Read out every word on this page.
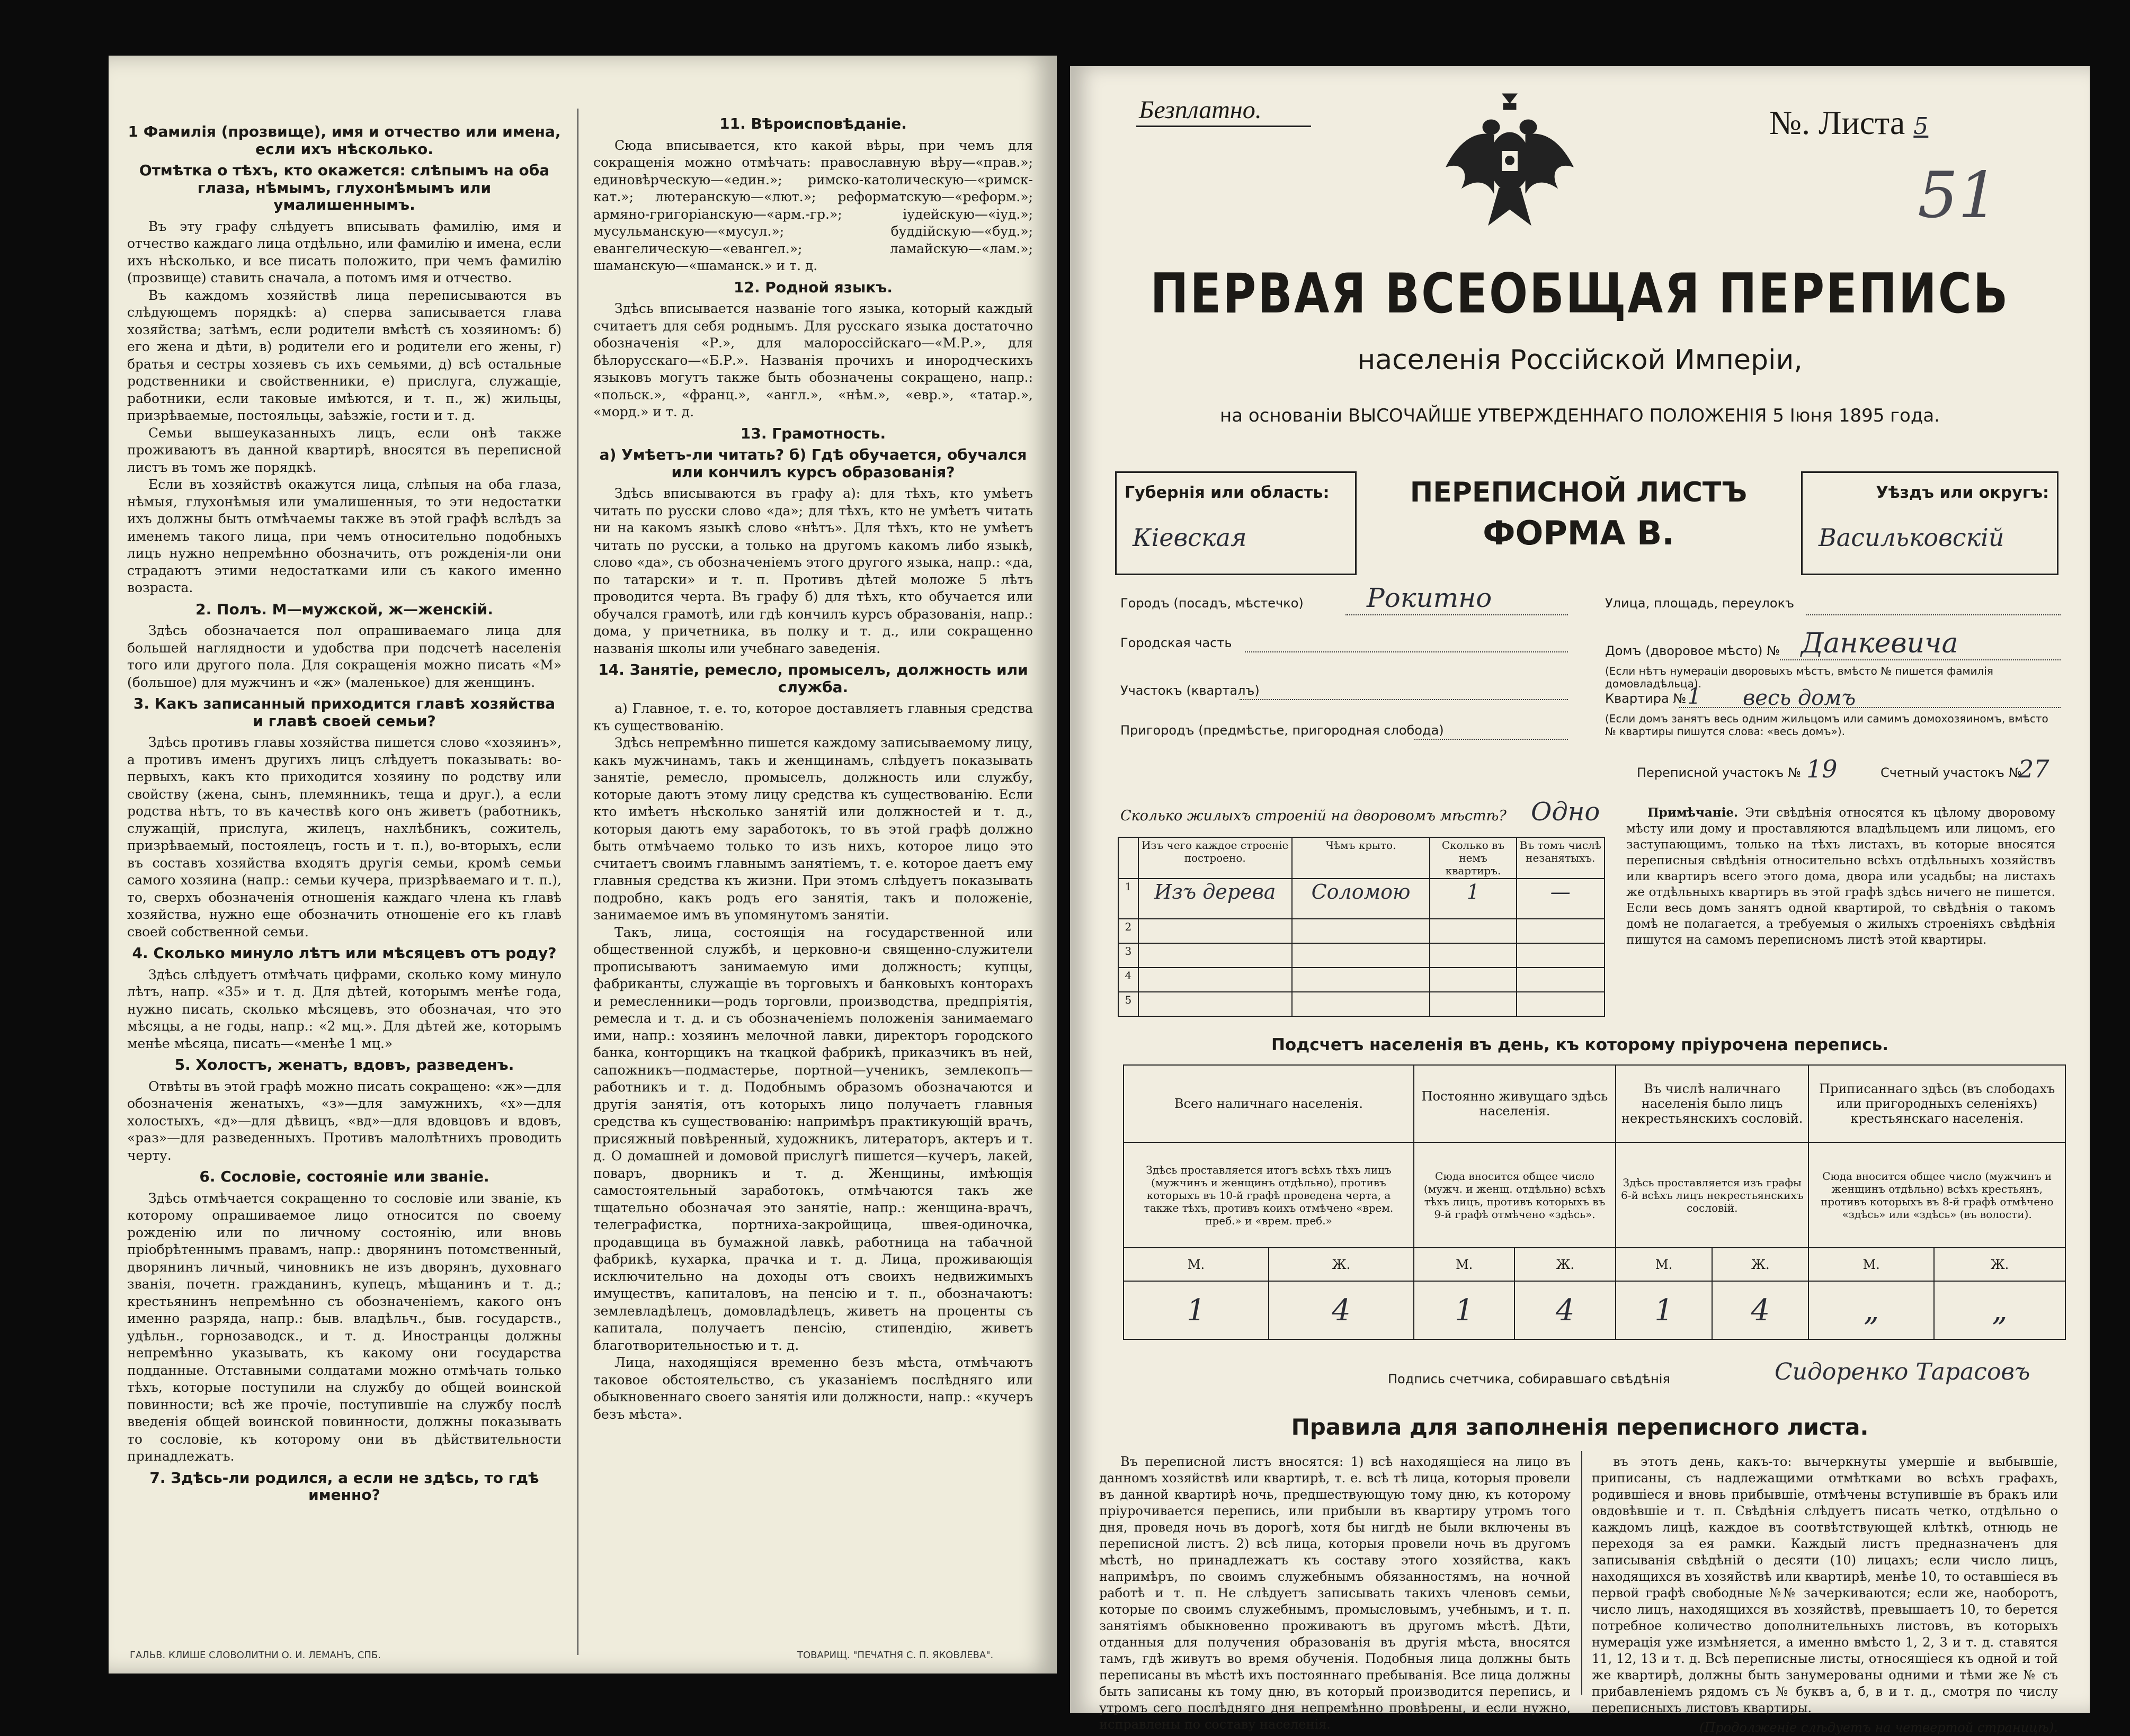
1 Фамилія (прозвище), имя и отчество или имена, если ихъ нѣсколько.
Отмѣтка о тѣхъ, кто окажется: слѣпымъ на оба глаза, нѣмымъ, глухонѣмымъ или умалишеннымъ.

Въ эту графу слѣдуетъ вписывать фамилію, имя и отчество каждаго лица отдѣльно, или фамилію и имена, если ихъ нѣсколько, и все писать положито, при чемъ фамилію (прозвище) ставить сначала, а потомъ имя и отчество.

Въ каждомъ хозяйствѣ лица переписываются въ слѣдующемъ порядкѣ: а) сперва записывается глава хозяйства; затѣмъ, если родители вмѣстѣ съ хозяиномъ: б) его жена и дѣти, в) родители его и родители его жены, г) братья и сестры хозяевъ съ ихъ семьями, д) всѣ остальные родственники и свойственники, е) прислуга, служащіе, работники, если таковые имѣются, и т. п., ж) жильцы, призрѣваемые, постояльцы, заѣзжіе, гости и т. д.

Семьи вышеуказанныхъ лицъ, если онѣ также проживаютъ въ данной квартирѣ, вносятся въ переписной листъ въ томъ же порядкѣ.

Если въ хозяйствѣ окажутся лица, слѣпыя на оба глаза, нѣмыя, глухонѣмыя или умалишенныя, то эти недостатки ихъ должны быть отмѣчаемы также въ этой графѣ вслѣдъ за именемъ такого лица, при чемъ относительно подобныхъ лицъ нужно непремѣнно обозначить, отъ рожденія-ли они страдаютъ этими недостатками или съ какого именно возраста.

2. Полъ. М—мужской, ж—женскій.

Здѣсь обозначается пол опрашиваемаго лица для большей наглядности и удобства при подсчетѣ населенія того или другого пола. Для сокращенія можно писать «М» (большое) для мужчинъ и «ж» (маленькое) для женщинъ.

3. Какъ записанный приходится главѣ хозяйства и главѣ своей семьи?

Здѣсь противъ главы хозяйства пишется слово «хозяинъ», а противъ именъ другихъ лицъ слѣдуетъ показывать: во-первыхъ, какъ кто приходится хозяину по родству или свойству (жена, сынъ, племянникъ, теща и друг.), а если родства нѣтъ, то въ качествѣ кого онъ живетъ (работникъ, служащій, прислуга, жилецъ, нахлѣбникъ, сожитель, призрѣваемый, постоялецъ, гость и т. п.), во-вторыхъ, если въ составъ хозяйства входятъ другія семьи, кромѣ семьи самого хозяина (напр.: семьи кучера, призрѣваемаго и т. п.), то, сверхъ обозначенія отношенія каждаго члена къ главѣ хозяйства, нужно еще обозначить отношеніе его къ главѣ своей собственной семьи.

4. Сколько минуло лѣтъ или мѣсяцевъ отъ роду?

Здѣсь слѣдуетъ отмѣчать цифрами, сколько кому минуло лѣтъ, напр. «35» и т. д. Для дѣтей, которымъ менѣе года, нужно писать, сколько мѣсяцевъ, это обозначая, что это мѣсяцы, а не годы, напр.: «2 мц.». Для дѣтей же, которымъ менѣе мѣсяца, писать—«менѣе 1 мц.»

5. Холостъ, женатъ, вдовъ, разведенъ.

Отвѣты въ этой графѣ можно писать сокращено: «ж»—для обозначенія женатыхъ, «з»—для замужнихъ, «х»—для холостыхъ, «д»—для дѣвицъ, «вд»—для вдовцовъ и вдовъ, «раз»—для разведенныхъ. Противъ малолѣтнихъ проводить черту.

6. Сословіе, состояніе или званіе.

Здѣсь отмѣчается сокращенно то сословіе или званіе, къ которому опрашиваемое лицо относится по своему рожденію или по личному состоянію, или вновь пріобрѣтеннымъ правамъ, напр.: дворянинъ потомственный, дворянинъ личный, чиновникъ не изъ дворянъ, духовнаго званія, почетн. гражданинъ, купецъ, мѣщанинъ и т. д.; крестьянинъ непремѣнно съ обозначеніемъ, какого онъ именно разряда, напр.: быв. владѣльч., быв. государств., удѣльн., горнозаводск., и т. д. Иностранцы должны непремѣнно указывать, къ какому они государства подданные. Отставными солдатами можно отмѣчать только тѣхъ, которые поступили на службу до общей воинской повинности; всѣ же прочіе, поступившіе на службу послѣ введенія общей воинской повинности, должны показывать то сословіе, къ которому они въ дѣйствительности принадлежатъ.

7. Здѣсь-ли родился, а если не здѣсь, то гдѣ именно?
11. Вѣроисповѣданіе.

Сюда вписывается, кто какой вѣры, при чемъ для сокращенія можно отмѣчать: православную вѣру—«прав.»; единовѣрческую—«един.»; римско-католическую—«римск-кат.»; лютеранскую—«лют.»; реформатскую—«реформ.»; армяно-григоріанскую—«арм.-гр.»; іудейскую—«іуд.»; мусульманскую—«мусул.»; буддійскую—«буд.»; евангелическую—«евангел.»; ламайскую—«лам.»; шаманскую—«шаманск.» и т. д.

12. Родной языкъ.

Здѣсь вписывается названіе того языка, который каждый считаетъ для себя роднымъ. Для русскаго языка достаточно обозначенія «Р.», для малороссійскаго—«М.Р.», для бѣлорусскаго—«Б.Р.». Названія прочихъ и инородческихъ языковъ могутъ также быть обозначены сокращено, напр.: «польск.», «франц.», «англ.», «нѣм.», «евр.», «татар.», «морд.» и т. д.

13. Грамотность.
а) Умѣетъ-ли читать? б) Гдѣ обучается, обучался или кончилъ курсъ образованія?

Здѣсь вписываются въ графу а): для тѣхъ, кто умѣетъ читать по русски слово «да»; для тѣхъ, кто не умѣетъ читать ни на какомъ языкѣ слово «нѣтъ». Для тѣхъ, кто не умѣетъ читать по русски, а только на другомъ какомъ либо языкѣ, слово «да», съ обозначеніемъ этого другого языка, напр.: «да, по татарски» и т. п. Противъ дѣтей моложе 5 лѣтъ проводится черта. Въ графу б) для тѣхъ, кто обучается или обучался грамотѣ, или гдѣ кончилъ курсъ образованія, напр.: дома, у причетника, въ полку и т. д., или сокращенно названія школы или учебнаго заведенія.

14. Занятіе, ремесло, промыселъ, должность или служба.

а) Главное, т. е. то, которое доставляетъ главныя средства къ существованію.

Здѣсь непремѣнно пишется каждому записываемому лицу, какъ мужчинамъ, такъ и женщинамъ, слѣдуетъ показывать занятіе, ремесло, промыселъ, должность или службу, которые даютъ этому лицу средства къ существованію. Если кто имѣетъ нѣсколько занятій или должностей и т. д., которыя даютъ ему заработокъ, то въ этой графѣ должно быть отмѣчаемо только то изъ нихъ, которое лицо это считаетъ своимъ главнымъ занятіемъ, т. е. которое даетъ ему главныя средства къ жизни. При этомъ слѣдуетъ показывать подробно, какъ родъ его занятія, такъ и положеніе, занимаемое имъ въ упомянутомъ занятіи.

Такъ, лица, состоящія на государственной или общественной службѣ, и церковно-и священно-служители прописываютъ занимаемую ими должность; купцы, фабриканты, служащіе въ торговыхъ и банковыхъ конторахъ и ремесленники—родъ торговли, производства, предпріятія, ремесла и т. д. и съ обозначеніемъ положенія занимаемаго ими, напр.: хозяинъ мелочной лавки, директоръ городского банка, конторщикъ на ткацкой фабрикѣ, приказчикъ въ ней, сапожникъ—подмастерье, портной—ученикъ, землекопъ—работникъ и т. д. Подобнымъ образомъ обозначаются и другія занятія, отъ которыхъ лицо получаетъ главныя средства къ существованію: напримѣръ практикующій врачъ, присяжный повѣренный, художникъ, литераторъ, актеръ и т. д. О домашней и домовой прислугѣ пишется—кучеръ, лакей, поваръ, дворникъ и т. д. Женщины, имѣющія самостоятельный заработокъ, отмѣчаются такъ же тщательно обозначая это занятіе, напр.: женщина-врачъ, телеграфистка, портниха-закройщица, швея-одиночка, продавщица въ бумажной лавкѣ, работница на табачной фабрикѣ, кухарка, прачка и т. д. Лица, проживающія исключительно на доходы отъ своихъ недвижимыхъ имуществъ, капиталовъ, на пенсію и т. п., обозначаютъ: землевладѣлецъ, домовладѣлецъ, живетъ на проценты съ капитала, получаетъ пенсію, стипендію, живетъ благотворительностью и т. д.

Лица, находящіяся временно безъ мѣста, отмѣчаютъ таковое обстоятельство, съ указаніемъ послѣдняго или обыкновеннаго своего занятія или должности, напр.: «кучеръ безъ мѣста».

ГАЛЬВ. КЛИШЕ СЛОВОЛИТНИ О. И. ЛЕМАНЪ, СПБ.	ТОВАРИЩ. "ПЕЧАТНЯ С. П. ЯКОВЛЕВА".
Безплатно.	№. Листа 5
51
ПЕРВАЯ ВСЕОБЩАЯ ПЕРЕПИСЬ
населенія Россійской Имперіи,
на основаніи ВЫСОЧАЙШЕ УТВЕРЖДЕННАГО ПОЛОЖЕНІЯ 5 Іюня 1895 года.
Губернія или область:
Кіевская
ПЕРЕПИСНОЙ ЛИСТЪ
ФОРМА В.
Уѣздъ или округъ:
Васильковскій
Городъ (посадъ, мѣстечко) Рокитно	Улица, площадь, переулокъ
Городская часть
Домъ (дворовое мѣсто) № Данкевича
(Если нѣтъ нумераціи дворовыхъ мѣстъ, вмѣсто № пишется фамилія домовладѣльца).
Участокъ (кварталъ)
Квартира № 1 весь домъ
Пригородъ (предмѣстье, пригородная слобода)
(Если домъ занятъ весь одним жильцомъ или самимъ домохозяиномъ, вмѣсто № квартиры пишутся слова: «весь домъ»).
Переписной участокъ № 19	Счетный участокъ №
27
Сколько жилыхъ строеній на дворовомъ мѣстѣ? Одно
	Изъ чего каждое строеніе построено.	Чѣмъ крыто.	Сколько въ немъ квартиръ.	Въ томъ числѣ незанятыхъ.
1	Изъ дерева	Соломою	1	—
2				
3				
4				
5				

Примѣчаніе. Эти свѣдѣнія относятся къ цѣлому дворовому мѣсту или дому и проставляются владѣльцемъ или лицомъ, его заступающимъ, только на тѣхъ листахъ, въ которые вносятся переписныя свѣдѣнія относительно всѣхъ отдѣльныхъ хозяйствъ или квартиръ всего этого дома, двора или усадьбы; на листахъ же отдѣльныхъ квартиръ въ этой графѣ здѣсь ничего не пишется. Если весь домъ занятъ одной квартирой, то свѣдѣнія о такомъ домѣ не полагается, а требуемыя о жилыхъ строеніяхъ свѣдѣнія пишутся на самомъ переписномъ листѣ этой квартиры.

Подсчетъ населенія въ день, къ которому пріурочена перепись.
Всего наличнаго населенія.		Постоянно живущаго здѣсь населенія.		Въ числѣ наличнаго населенія было лицъ некрестьянскихъ сословій.		Приписаннаго здѣсь (въ слободахъ или пригородныхъ селеніяхъ) крестьянскаго населенія.	
Здѣсь проставляется итогъ всѣхъ тѣхъ лицъ (мужчинъ и женщинъ отдѣльно), противъ которыхъ въ 10-й графѣ проведена черта, а также тѣхъ, противъ коихъ отмѣчено «врем. преб.» и «врем. преб.»		Сюда вносится общее число (мужч. и женщ. отдѣльно) всѣхъ тѣхъ лицъ, противъ которыхъ въ 9-й графѣ отмѣчено «здѣсь».		Здѣсь проставляется изъ графы 6-й всѣхъ лицъ некрестьянскихъ сословій.		Сюда вносится общее число (мужчинъ и женщинъ отдѣльно) всѣхъ крестьянъ, противъ которыхъ въ 8-й графѣ отмѣчено «здѣсь» или «здѣсь» (въ волости).	
М.	Ж.	М.	Ж.	М.	Ж.	М.	Ж.
1	4	1	4	1	4	„	„
Подпись счетчика, собиравшаго свѣдѣнія	Сидоренко Тарасовъ
Правила для заполненія переписного листа.

Въ переписной листъ вносятся: 1) всѣ находящіеся на лицо въ данномъ хозяйствѣ или квартирѣ, т. е. всѣ тѣ лица, которыя провели въ данной квартирѣ ночь, предшествующую тому дню, къ которому пріурочивается перепись, или прибыли въ квартиру утромъ того дня, проведя ночь въ дорогѣ, хотя бы нигдѣ не были включены въ переписной листъ. 2) всѣ лица, которыя провели ночь въ другомъ мѣстѣ, но принадлежатъ къ составу этого хозяйства, какъ напримѣръ, по своимъ служебнымъ обязанностямъ, на ночной работѣ и т. п. Не слѣдуетъ записывать такихъ членовъ семьи, которые по своимъ служебнымъ, промысловымъ, учебнымъ, и т. п. занятіямъ обыкновенно проживаютъ въ другомъ мѣстѣ. Дѣти, отданныя для получения образованія въ другія мѣста, вносятся тамъ, гдѣ живутъ во время обученія. Подобныя лица должны быть переписаны въ мѣстѣ ихъ постояннаго пребыванія. Все лица должны быть записаны къ тому дню, въ который производится перепись, и утромъ сего послѣдняго дня непремѣнно провѣрены, и если нужно, исправлены по составу населенія.

въ этотъ день, какъ-то: вычеркнуты умершіе и выбывшіе, приписаны, съ надлежащими отмѣтками во всѣхъ графахъ, родившіеся и вновь прибывшіе, отмѣчены вступившіе въ бракъ или овдовѣвшіе и т. п. Свѣдѣнія слѣдуетъ писать четко, отдѣльно о каждомъ лицѣ, каждое въ соотвѣтствующей клѣткѣ, отнюдь не переходя за ея рамки. Каждый листъ предназначенъ для записыванія свѣдѣній о десяти (10) лицахъ; если число лицъ, находящихся въ хозяйствѣ или квартирѣ, менѣе 10, то оставшіеся въ первой графѣ свободные №№ зачеркиваются; если же, наоборотъ, число лицъ, находящихся въ хозяйствѣ, превышаетъ 10, то берется потребное количество дополнительныхъ листовъ, въ которыхъ нумерація уже измѣняется, а именно вмѣсто 1, 2, 3 и т. д. ставятся 11, 12, 13 и т. д. Всѣ переписные листы, относящіеся къ одной и той же квартирѣ, должны быть занумерованы одними и тѣми же № съ прибавленіемъ рядомъ съ № буквъ а, б, в и т. д., смотря по числу переписныхъ листовъ квартиры.

(Продолженіе слѣдуетъ на четвертой страницѣ).
